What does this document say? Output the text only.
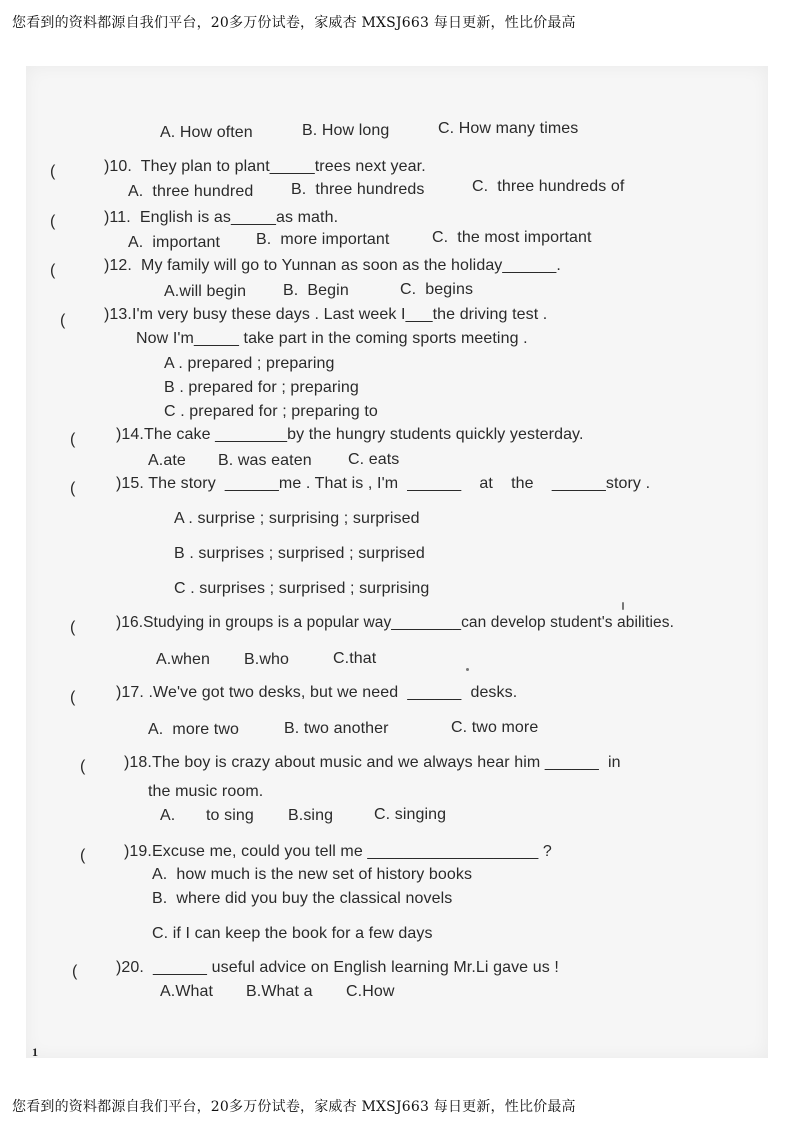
您看到的资料都源自我们平台，20多万份试卷，家威杏 MXSJ663 每日更新，性比价最高
A. How often	B. How long	C. How many times
(	)10.  They plan to plant_____trees next year.
A.  three hundred B.  three hundreds	C.  three hundreds of
(	)11.  English is as_____as math.
A.  important B.  more important	C.  the most important
(	)12.  My family will go to Yunnan as soon as the holiday______.
A.will begin B.  Begin	C.  begins
( )13.I'm very busy these days . Last week I___the driving test .
Now I'm_____ take part in the coming sports meeting .
A . prepared ; preparing
B . prepared for ; preparing
C . prepared for ; preparing to
(	)14.The cake ________by the hungry students quickly yesterday.
A.ate B. was eaten C. eats
(	)15. The story  ______me . That is , I'm  ______    at    the    ______story .
A . surprise ; surprising ; surprised
B . surprises ; surprised ; surprised
C . surprises ; surprised ; surprising
(	)16.Studying in groups is a popular way________can develop student's abilities.
A.when B.who	C.that
(	)17. .We've got two desks, but we need  ______  desks.
A.  more two	B. two another	C. two more
( )18.The boy is crazy about music and we always hear him ______  in
the music room.
A. to sing B.sing	C. singing
( )19.Excuse me, could you tell me ___________________ ?
A.  how much is the new set of history books
B.  where did you buy the classical novels
C. if I can keep the book for a few days
( )20.  ______ useful advice on English learning Mr.Li gave us !
A.What B.What a C.How
1
您看到的资料都源自我们平台，20多万份试卷，家威杏 MXSJ663 每日更新，性比价最高
